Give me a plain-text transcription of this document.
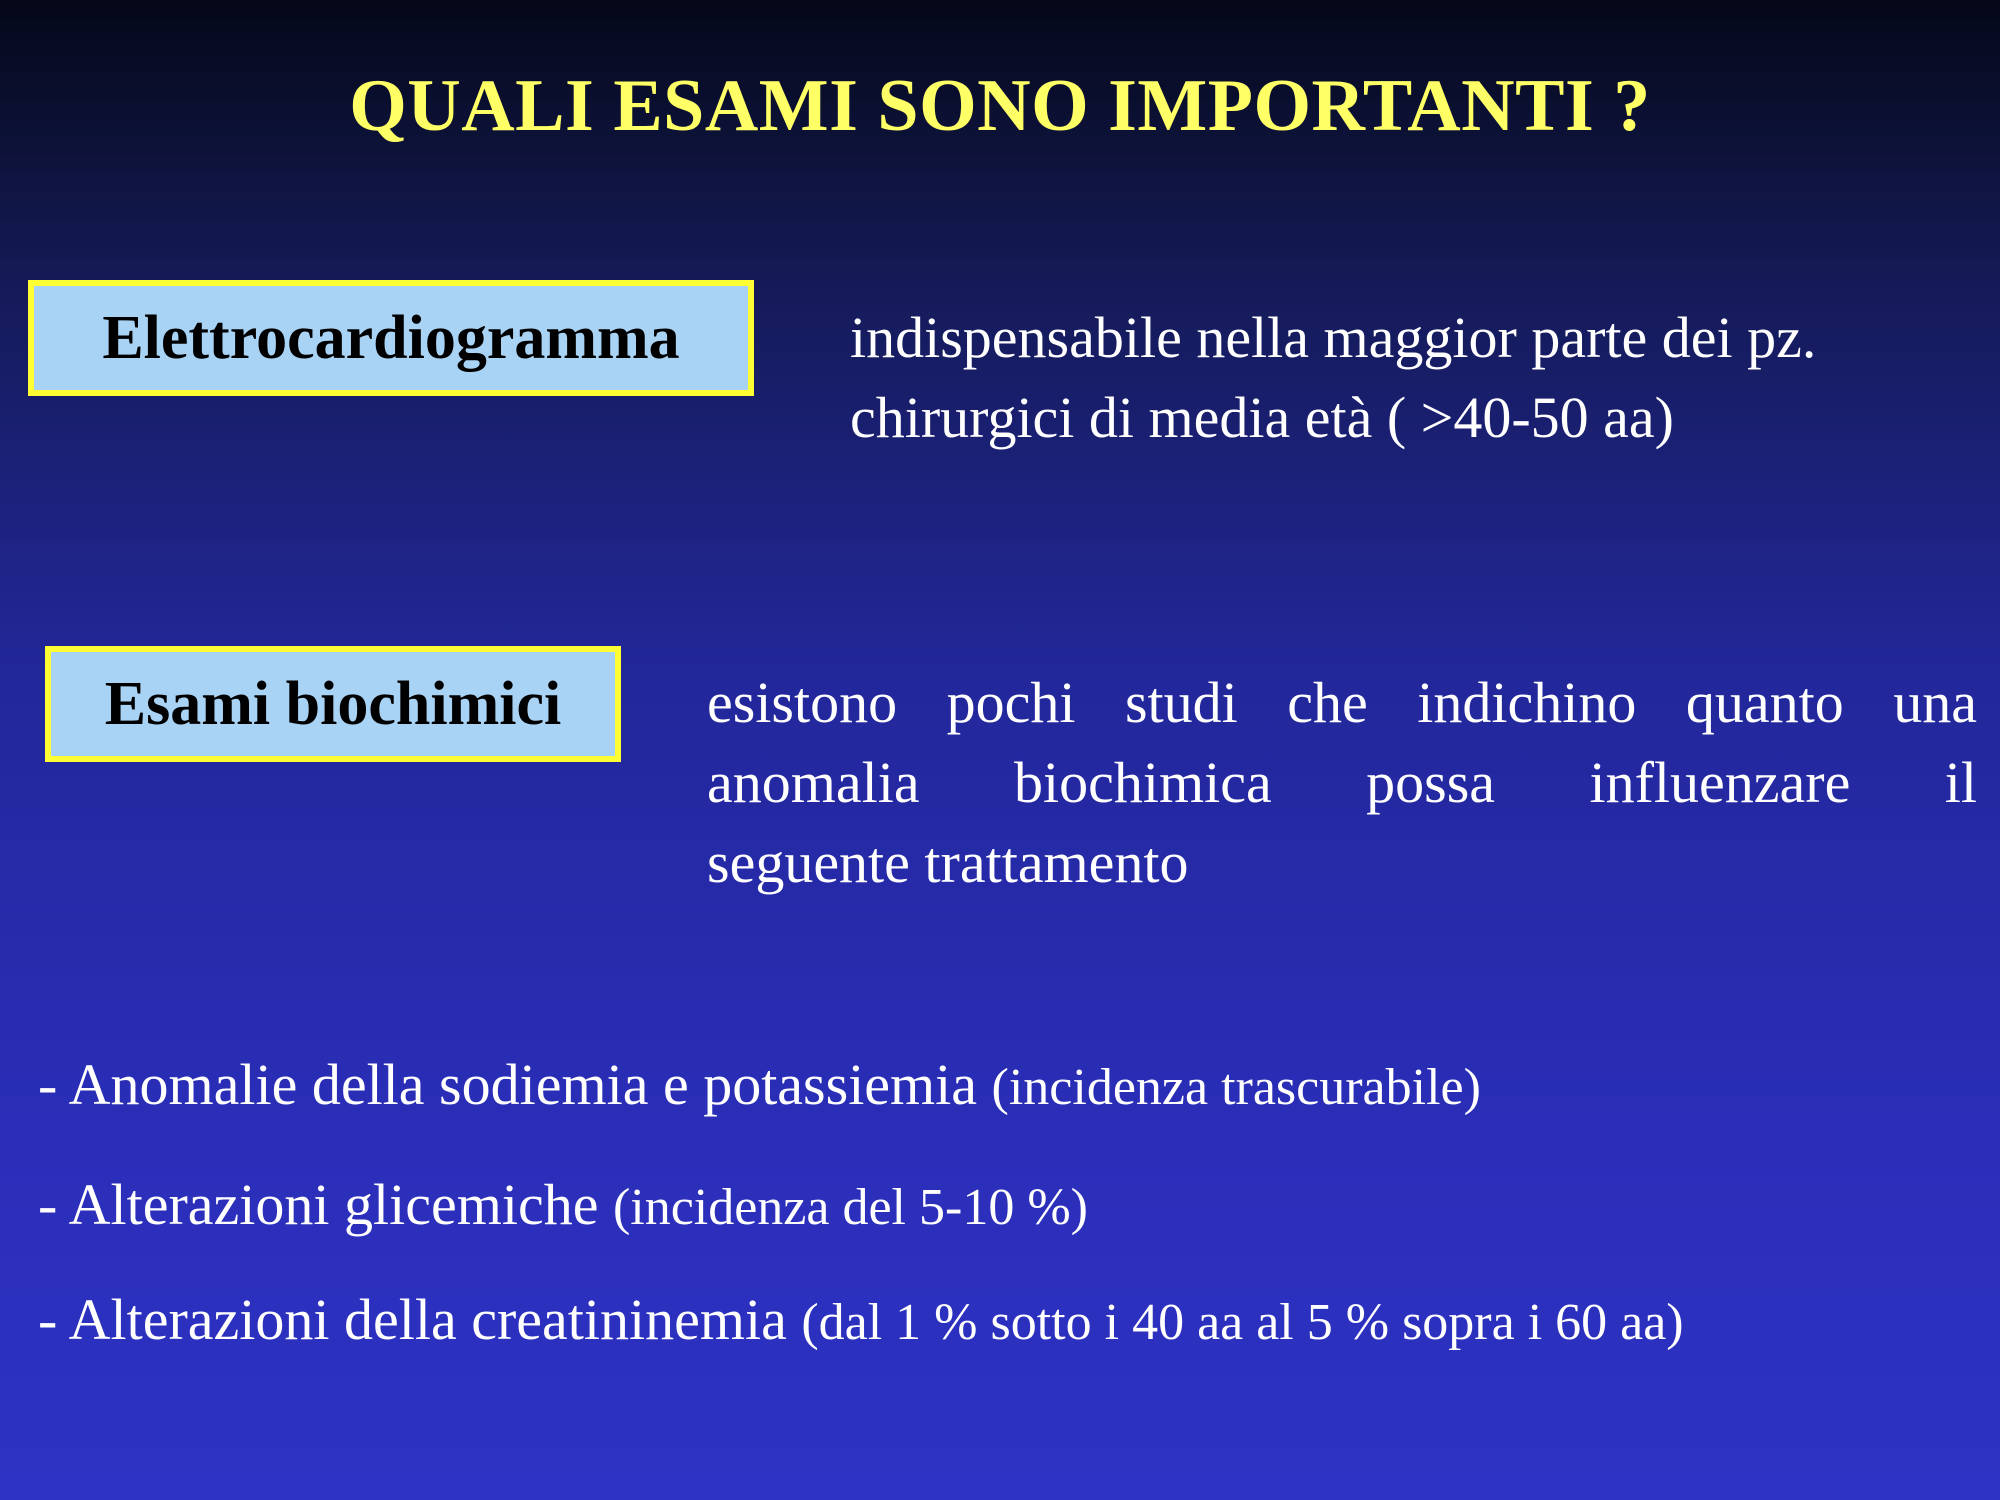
QUALI ESAMI SONO IMPORTANTI ?
Elettrocardiogramma	indispensabile nella maggior parte dei pz.
chirurgici di media età ( >40-50 aa)
Esami biochimici	esistono pochi studi che indichino quanto una
anomalia biochimica possa influenzare il
seguente trattamento
- Anomalie della sodiemia e potassiemia (incidenza trascurabile)
- Alterazioni glicemiche (incidenza del 5-10 %)
- Alterazioni della creatininemia (dal 1 % sotto i 40 aa al 5 % sopra i 60 aa)
